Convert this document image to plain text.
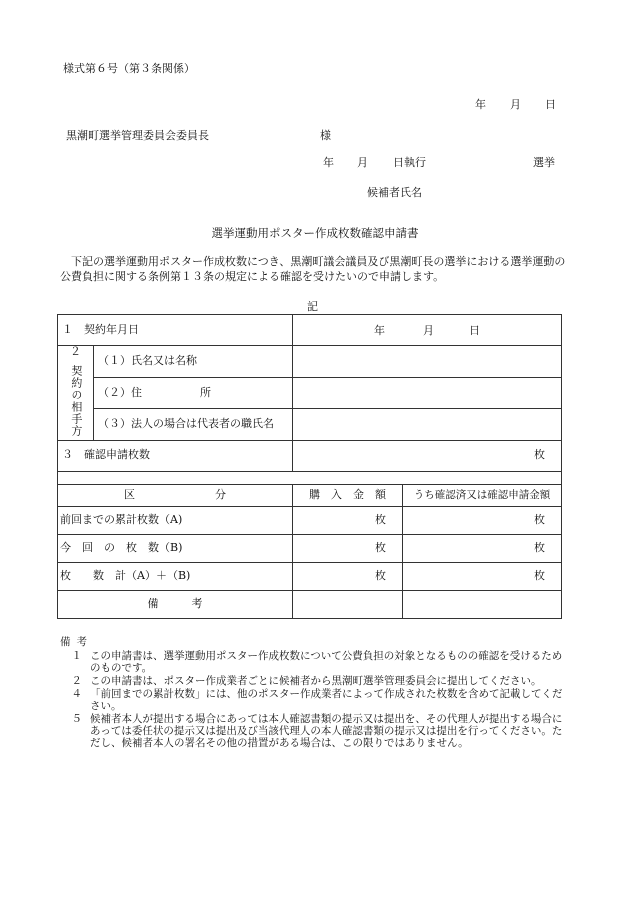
様式第６号（第３条関係）
年 月 日
黒潮町選挙管理委員会委員長	様
年 月 日執行	選挙
候補者氏名
選挙運動用ポスター作成枚数確認申請書
下記の選挙運動用ポスター作成枚数につき、黒潮町議会議員及び黒潮町長の選挙における選挙運動の公費負担に関する条例第１３条の規定による確認を受けたいので申請します。
記
１　契約年月日		年 月 日	

２
契約の相手方	（１）氏名又は名称		
	（２）住 所		
	（３）法人の場合は代表者の職氏名		
３　確認申請枚数		枚	

区 分		購　入　金　額	うち確認済又は確認申請金額
前回までの累計枚数（A)		枚	枚
今　回　の　枚　数（B)		枚	枚
枚　　数　計（A）＋（B)		枚	枚
備　　　考			
備考
１ この申請書は、選挙運動用ポスター作成枚数について公費負担の対象となるものの確認を受けるためのものです。
２ この申請書は、ポスター作成業者ごとに候補者から黒潮町選挙管理委員会に提出してください。
４ 「前回までの累計枚数」には、他のポスター作成業者によって作成された枚数を含めて記載してください。
５ 候補者本人が提出する場合にあっては本人確認書類の提示又は提出を、その代理人が提出する場合にあっては委任状の提示又は提出及び当該代理人の本人確認書類の提示又は提出を行ってください。ただし、候補者本人の署名その他の措置がある場合は、この限りではありません。
